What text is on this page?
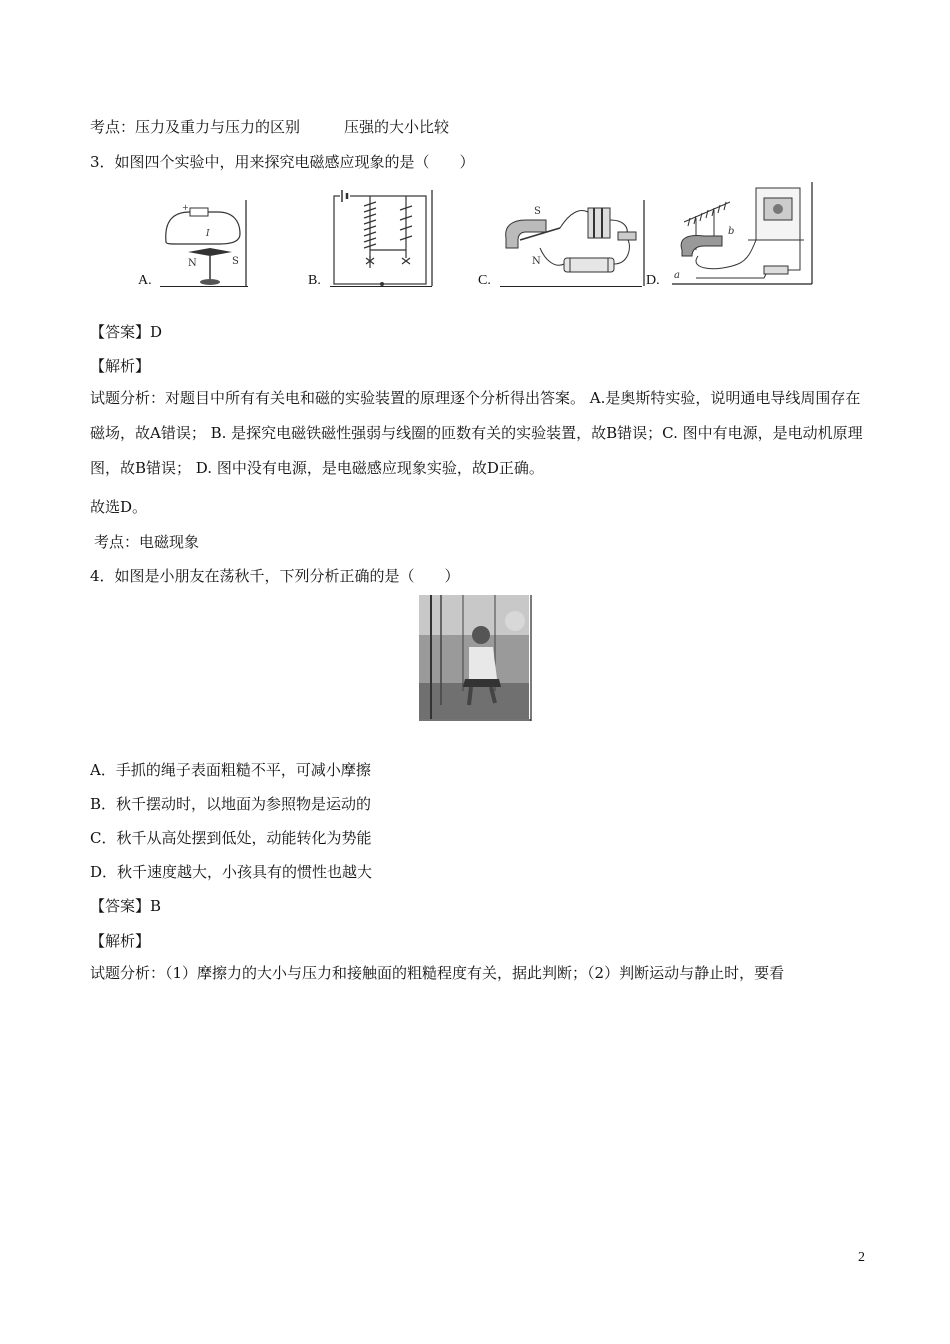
考点：压力及重力与压力的区别	压强的大小比较
3．如图四个实验中，用来探究电磁感应现象的是（　　）
A.
+
I
N	S
B.	C.
S
N
D.
b
a
【答案】D
【解析】
试题分析：对题目中所有有关电和磁的实验装置的原理逐个分析得出答案。 A.是奥斯特实验，说明通电导线周围存在磁场，故A错误； B. 是探究电磁铁磁性强弱与线圈的匝数有关的实验装置，故B错误；C. 图中有电源，是电动机原理图，故B错误； D. 图中没有电源，是电磁感应现象实验，故D正确。
故选D。
考点：电磁现象
4．如图是小朋友在荡秋千，下列分析正确的是（　　）
A．手抓的绳子表面粗糙不平，可减小摩擦
B．秋千摆动时，以地面为参照物是运动的
C．秋千从高处摆到低处，动能转化为势能
D．秋千速度越大，小孩具有的惯性也越大
【答案】B
【解析】
试题分析：（1）摩擦力的大小与压力和接触面的粗糙程度有关，据此判断；（2）判断运动与静止时，要看
2
